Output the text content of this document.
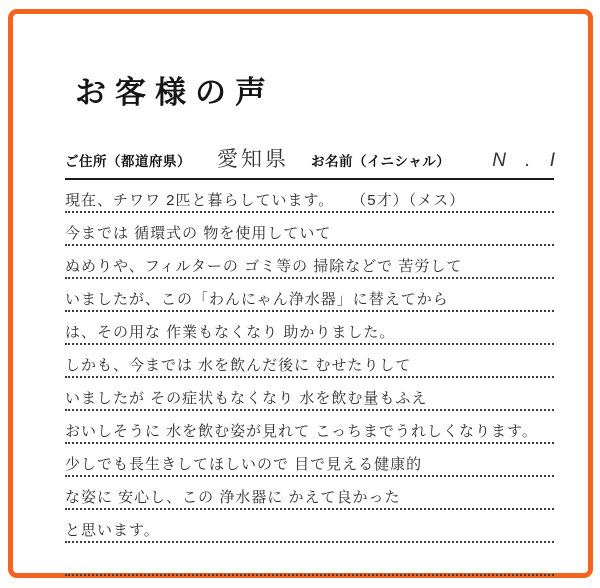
お客様の声
ご住所（都道府県） 愛知県 お名前（イニシャル） N . I
現在、チワワ 2匹と暮らしています。　　（5才）（メス）
今までは 循環式の 物を使用していて
ぬめりや、フィルターの ゴミ等の 掃除などで 苦労して
いましたが、この「わんにゃん浄水器」に替えてから
は、その用な 作業もなくなり 助かりました。
しかも、今までは 水を飲んだ後に むせたりして
いましたが その症状もなくなり 水を飲む量もふえ
おいしそうに 水を飲む姿が見れて こっちまでうれしくなります。
少しでも長生きしてほしいので 目で見える健康的
な姿に 安心し、この 浄水器に かえて良かった
と思います。
